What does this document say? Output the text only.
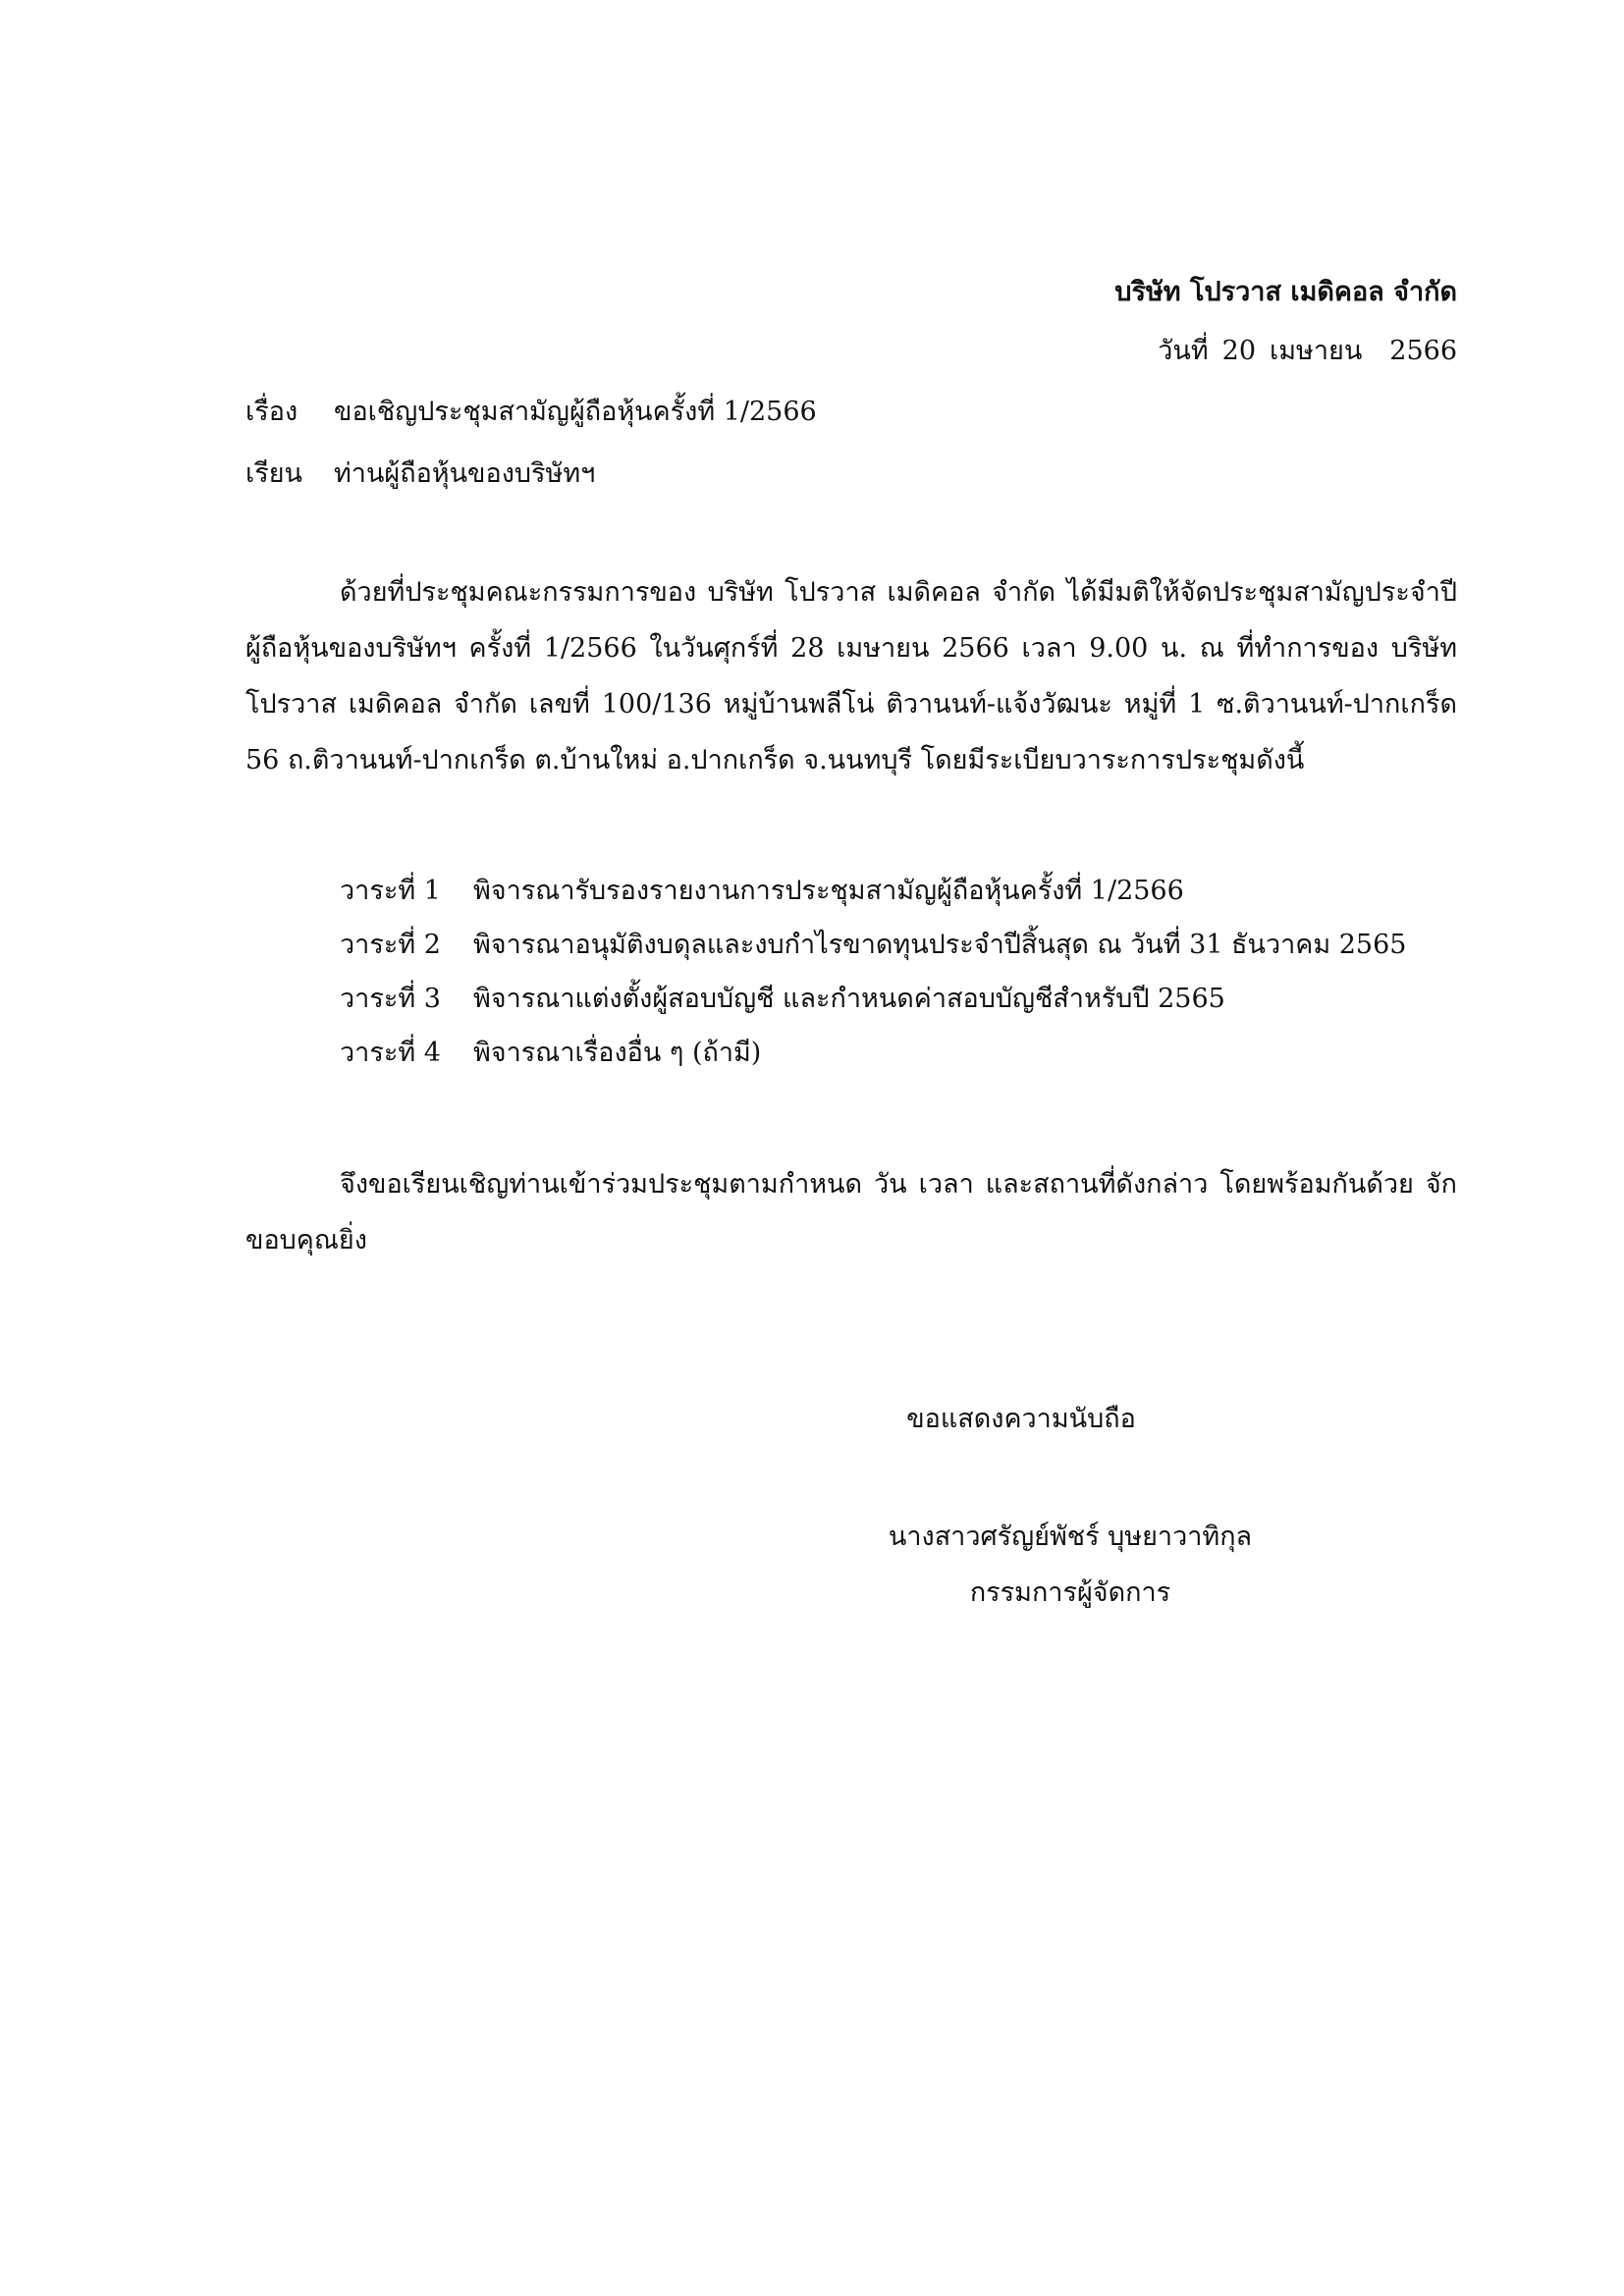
บริษัท โปรวาส เมดิคอล จำกัด
วันที่ 20 เมษายน 2566
เรื่อง ขอเชิญประชุมสามัญผู้ถือหุ้นครั้งที่ 1/2566
เรียน ท่านผู้ถือหุ้นของบริษัทฯ
ด้วยที่ประชุมคณะกรรมการของ บริษัท โปรวาส เมดิคอล จำกัด ได้มีมติให้จัดประชุมสามัญประจำปีผู้ถือหุ้นของบริษัทฯ ครั้งที่ 1/2566 ในวันศุกร์ที่ 28 เมษายน 2566 เวลา 9.00 น. ณ ที่ทำการของ บริษัท โปรวาส เมดิคอล จำกัด เลขที่ 100/136 หมู่บ้านพลีโน่ ติวานนท์-แจ้งวัฒนะ หมู่ที่ 1 ซ.ติวานนท์-ปากเกร็ด 56 ถ.ติวานนท์-ปากเกร็ด ต.บ้านใหม่ อ.ปากเกร็ด จ.นนทบุรี โดยมีระเบียบวาระการประชุมดังนี้
วาระที่ 1 พิจารณารับรองรายงานการประชุมสามัญผู้ถือหุ้นครั้งที่ 1/2566
วาระที่ 2 พิจารณาอนุมัติงบดุลและงบกำไรขาดทุนประจำปีสิ้นสุด ณ วันที่ 31 ธันวาคม 2565
วาระที่ 3 พิจารณาแต่งตั้งผู้สอบบัญชี และกำหนดค่าสอบบัญชีสำหรับปี 2565
วาระที่ 4 พิจารณาเรื่องอื่น ๆ (ถ้ามี)
จึงขอเรียนเชิญท่านเข้าร่วมประชุมตามกำหนด วัน เวลา และสถานที่ดังกล่าว โดยพร้อมกันด้วย จักขอบคุณยิ่ง
ขอแสดงความนับถือ
นางสาวศรัญย์พัชร์ บุษยาวาทิกุล
กรรมการผู้จัดการ
